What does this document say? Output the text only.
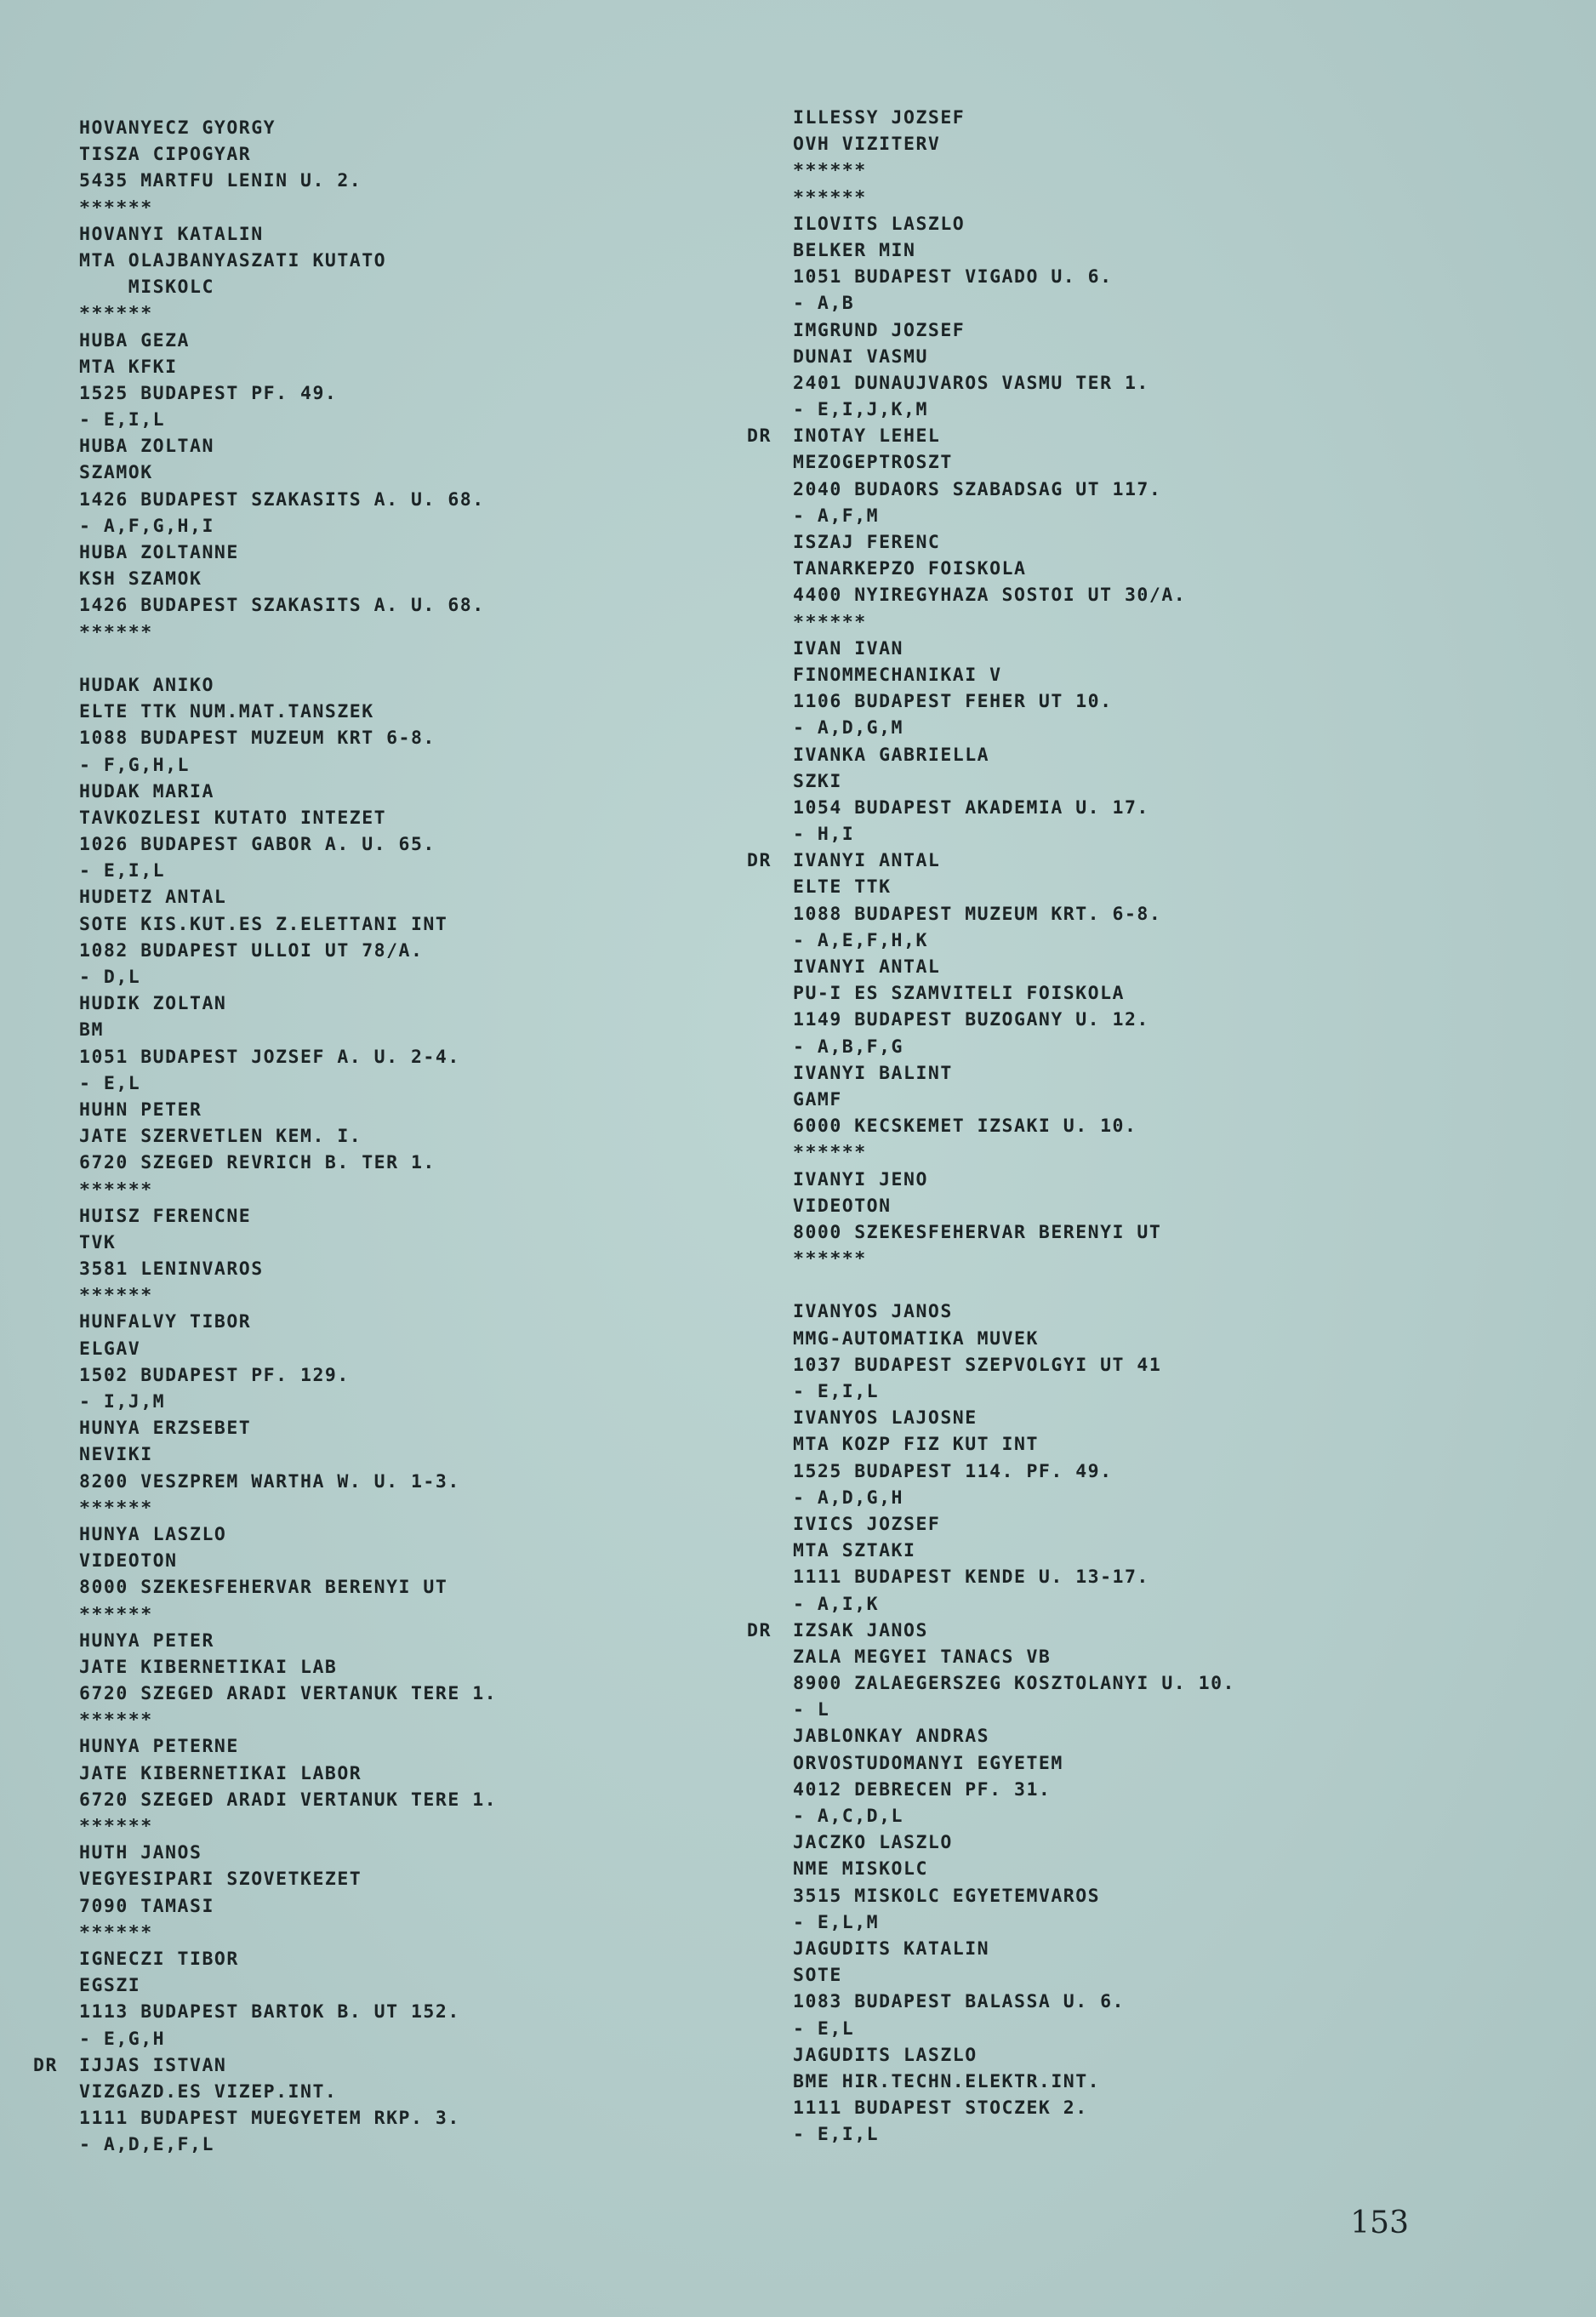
HOVANYECZ GYORGY
TISZA CIPOGYAR
5435 MARTFU LENIN U. 2.
******
HOVANYI KATALIN
MTA OLAJBANYASZATI KUTATO
MISKOLC
******
HUBA GEZA
MTA KFKI
1525 BUDAPEST PF. 49.
- E,I,L
HUBA ZOLTAN
SZAMOK
1426 BUDAPEST SZAKASITS A. U. 68.
- A,F,G,H,I
HUBA ZOLTANNE
KSH SZAMOK
1426 BUDAPEST SZAKASITS A. U. 68.
******
HUDAK ANIKO
ELTE TTK NUM.MAT.TANSZEK
1088 BUDAPEST MUZEUM KRT 6-8.
- F,G,H,L
HUDAK MARIA
TAVKOZLESI KUTATO INTEZET
1026 BUDAPEST GABOR A. U. 65.
- E,I,L
HUDETZ ANTAL
SOTE KIS.KUT.ES Z.ELETTANI INT
1082 BUDAPEST ULLOI UT 78/A.
- D,L
HUDIK ZOLTAN
BM
1051 BUDAPEST JOZSEF A. U. 2-4.
- E,L
HUHN PETER
JATE SZERVETLEN KEM. I.
6720 SZEGED REVRICH B. TER 1.
******
HUISZ FERENCNE
TVK
3581 LENINVAROS
******
HUNFALVY TIBOR
ELGAV
1502 BUDAPEST PF. 129.
- I,J,M
HUNYA ERZSEBET
NEVIKI
8200 VESZPREM WARTHA W. U. 1-3.
******
HUNYA LASZLO
VIDEOTON
8000 SZEKESFEHERVAR BERENYI UT
******
HUNYA PETER
JATE KIBERNETIKAI LAB
6720 SZEGED ARADI VERTANUK TERE 1.
******
HUNYA PETERNE
JATE KIBERNETIKAI LABOR
6720 SZEGED ARADI VERTANUK TERE 1.
******
HUTH JANOS
VEGYESIPARI SZOVETKEZET
7090 TAMASI
******
IGNECZI TIBOR
EGSZI
1113 BUDAPEST BARTOK B. UT 152.
- E,G,H
DR IJJAS ISTVAN
VIZGAZD.ES VIZEP.INT.
1111 BUDAPEST MUEGYETEM RKP. 3.
- A,D,E,F,L
ILLESSY JOZSEF
OVH VIZITERV
******
******
ILOVITS LASZLO
BELKER MIN
1051 BUDAPEST VIGADO U. 6.
- A,B
IMGRUND JOZSEF
DUNAI VASMU
2401 DUNAUJVAROS VASMU TER 1.
- E,I,J,K,M
DR INOTAY LEHEL
MEZOGEPTROSZT
2040 BUDAORS SZABADSAG UT 117.
- A,F,M
ISZAJ FERENC
TANARKEPZO FOISKOLA
4400 NYIREGYHAZA SOSTOI UT 30/A.
******
IVAN IVAN
FINOMMECHANIKAI V
1106 BUDAPEST FEHER UT 10.
- A,D,G,M
IVANKA GABRIELLA
SZKI
1054 BUDAPEST AKADEMIA U. 17.
- H,I
DR IVANYI ANTAL
ELTE TTK
1088 BUDAPEST MUZEUM KRT. 6-8.
- A,E,F,H,K
IVANYI ANTAL
PU-I ES SZAMVITELI FOISKOLA
1149 BUDAPEST BUZOGANY U. 12.
- A,B,F,G
IVANYI BALINT
GAMF
6000 KECSKEMET IZSAKI U. 10.
******
IVANYI JENO
VIDEOTON
8000 SZEKESFEHERVAR BERENYI UT
******
IVANYOS JANOS
MMG-AUTOMATIKA MUVEK
1037 BUDAPEST SZEPVOLGYI UT 41
- E,I,L
IVANYOS LAJOSNE
MTA KOZP FIZ KUT INT
1525 BUDAPEST 114. PF. 49.
- A,D,G,H
IVICS JOZSEF
MTA SZTAKI
1111 BUDAPEST KENDE U. 13-17.
- A,I,K
DR IZSAK JANOS
ZALA MEGYEI TANACS VB
8900 ZALAEGERSZEG KOSZTOLANYI U. 10.
- L
JABLONKAY ANDRAS
ORVOSTUDOMANYI EGYETEM
4012 DEBRECEN PF. 31.
- A,C,D,L
JACZKO LASZLO
NME MISKOLC
3515 MISKOLC EGYETEMVAROS
- E,L,M
JAGUDITS KATALIN
SOTE
1083 BUDAPEST BALASSA U. 6.
- E,L
JAGUDITS LASZLO
BME HIR.TECHN.ELEKTR.INT.
1111 BUDAPEST STOCZEK 2.
- E,I,L
153
